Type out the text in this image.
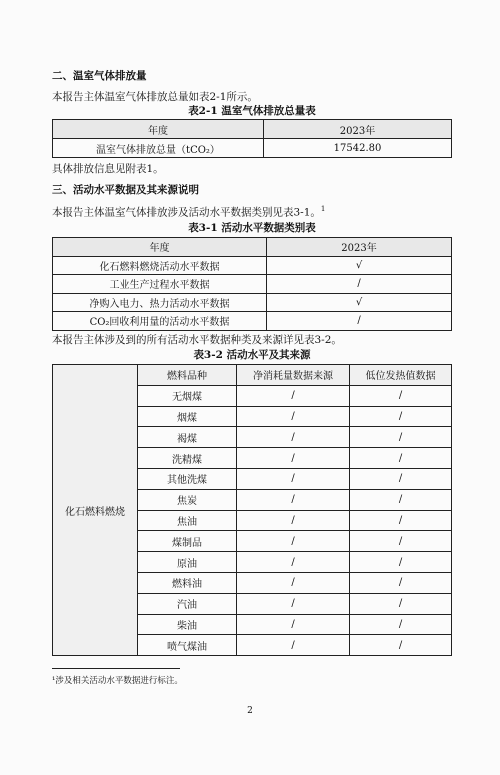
二、温室气体排放量
本报告主体温室气体排放总量如表2-1所示。
表2-1 温室气体排放总量表
年度	2023年
温室气体排放总量（tCO₂）	17542.80
具体排放信息见附表1。
三、活动水平数据及其来源说明
本报告主体温室气体排放涉及活动水平数据类别见表3-1。$^1$
表3-1 活动水平数据类别表
年度	2023年
化石燃料燃烧活动水平数据	√
工业生产过程水平数据	/
净购入电力、热力活动水平数据	√
CO₂回收利用量的活动水平数据	/
本报告主体涉及到的所有活动水平数据种类及来源详见表3-2。
表3-2 活动水平及其来源
化石燃料燃烧	燃料品种	净消耗量数据来源	低位发热值数据
	无烟煤	/	/
	烟煤	/	/
	褐煤	/	/
	洗精煤	/	/
	其他洗煤	/	/
	焦炭	/	/
	焦油	/	/
	煤制品	/	/
	原油	/	/
	燃料油	/	/
	汽油	/	/
	柴油	/	/
	喷气煤油	/	/
¹涉及相关活动水平数据进行标注。
2
